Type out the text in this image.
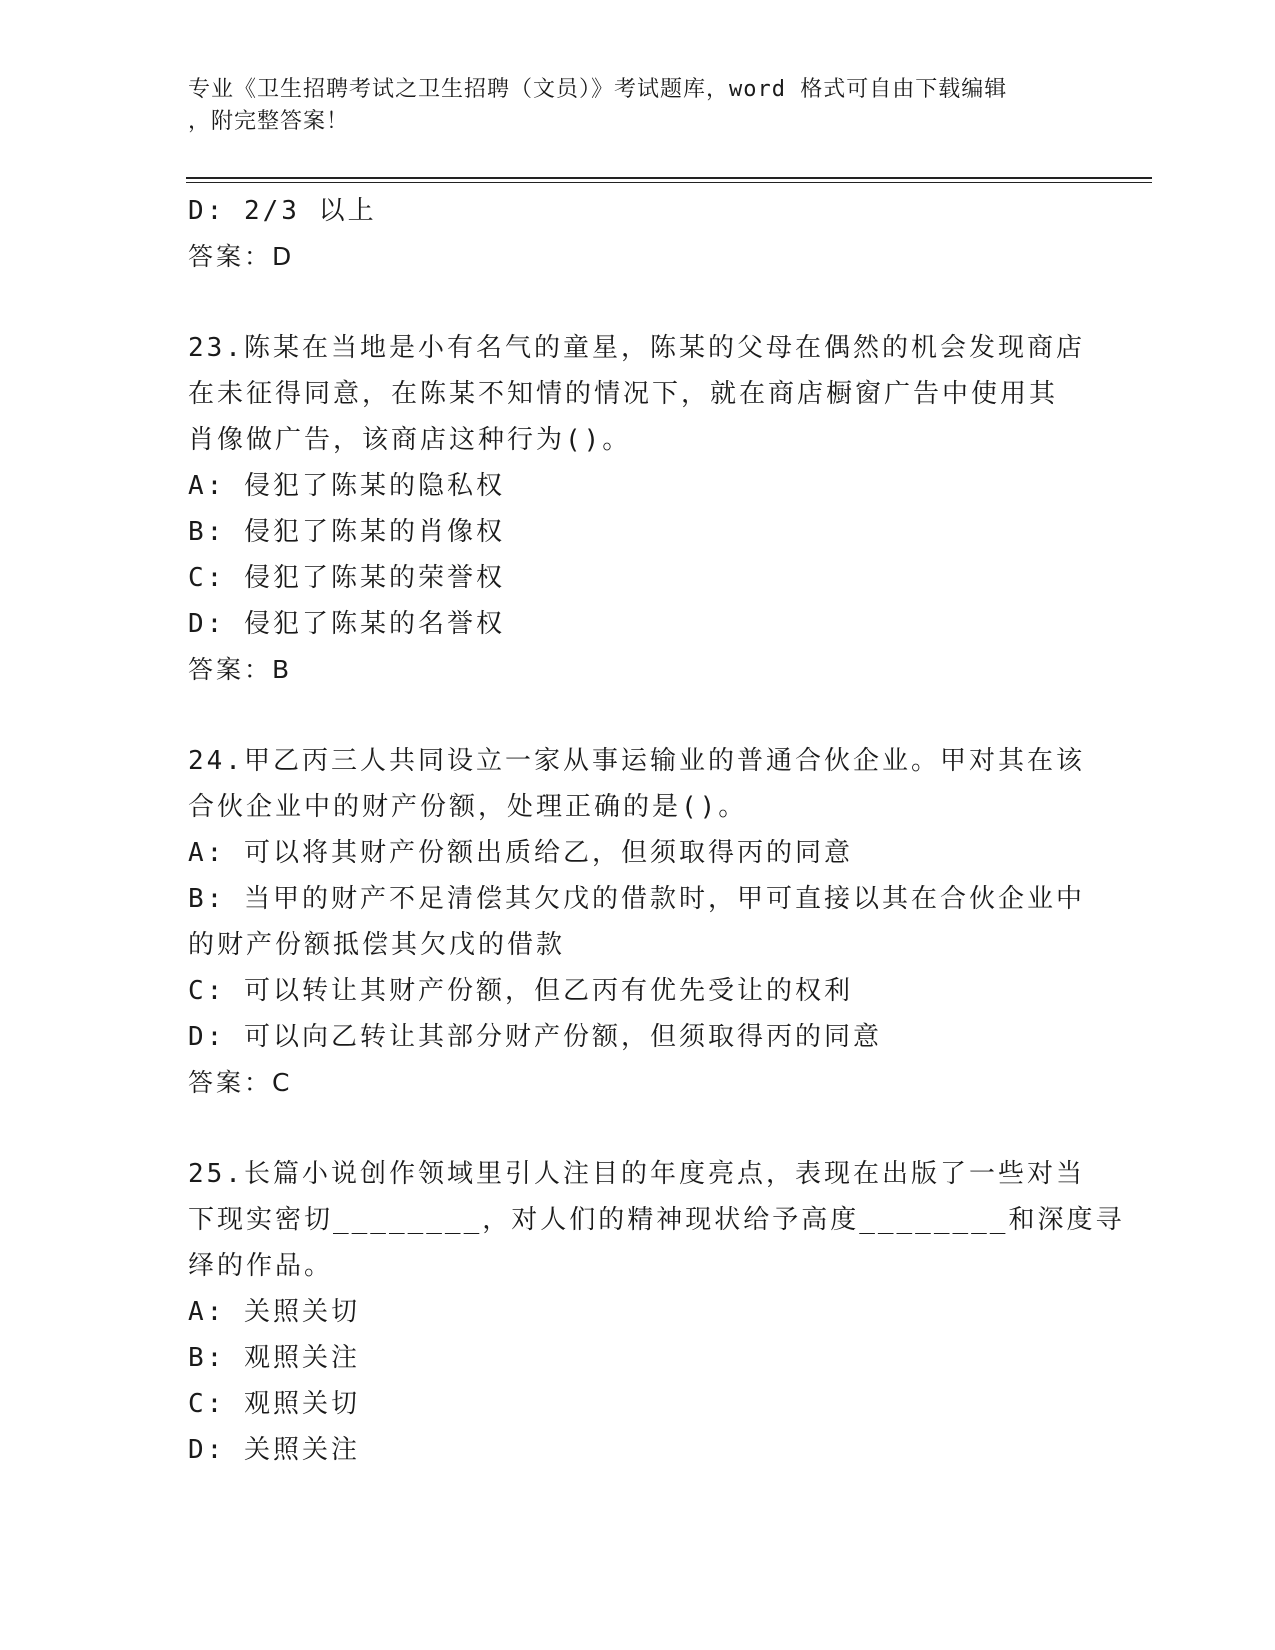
专业《卫生招聘考试之卫生招聘（文员）》考试题库，word 格式可自由下载编辑
，附完整答案！
D: 2/3 以上
答案：D
23.陈某在当地是小有名气的童星，陈某的父母在偶然的机会发现商店
在未征得同意，在陈某不知情的情况下，就在商店橱窗广告中使用其
肖像做广告，该商店这种行为()。
A: 侵犯了陈某的隐私权
B: 侵犯了陈某的肖像权
C: 侵犯了陈某的荣誉权
D: 侵犯了陈某的名誉权
答案：B
24.甲乙丙三人共同设立一家从事运输业的普通合伙企业。甲对其在该
合伙企业中的财产份额，处理正确的是()。
A: 可以将其财产份额出质给乙，但须取得丙的同意
B: 当甲的财产不足清偿其欠戊的借款时，甲可直接以其在合伙企业中
的财产份额抵偿其欠戊的借款
C: 可以转让其财产份额，但乙丙有优先受让的权利
D: 可以向乙转让其部分财产份额，但须取得丙的同意
答案：C
25.长篇小说创作领域里引人注目的年度亮点，表现在出版了一些对当
下现实密切________，对人们的精神现状给予高度________和深度寻
绎的作品。
A: 关照关切
B: 观照关注
C: 观照关切
D: 关照关注
